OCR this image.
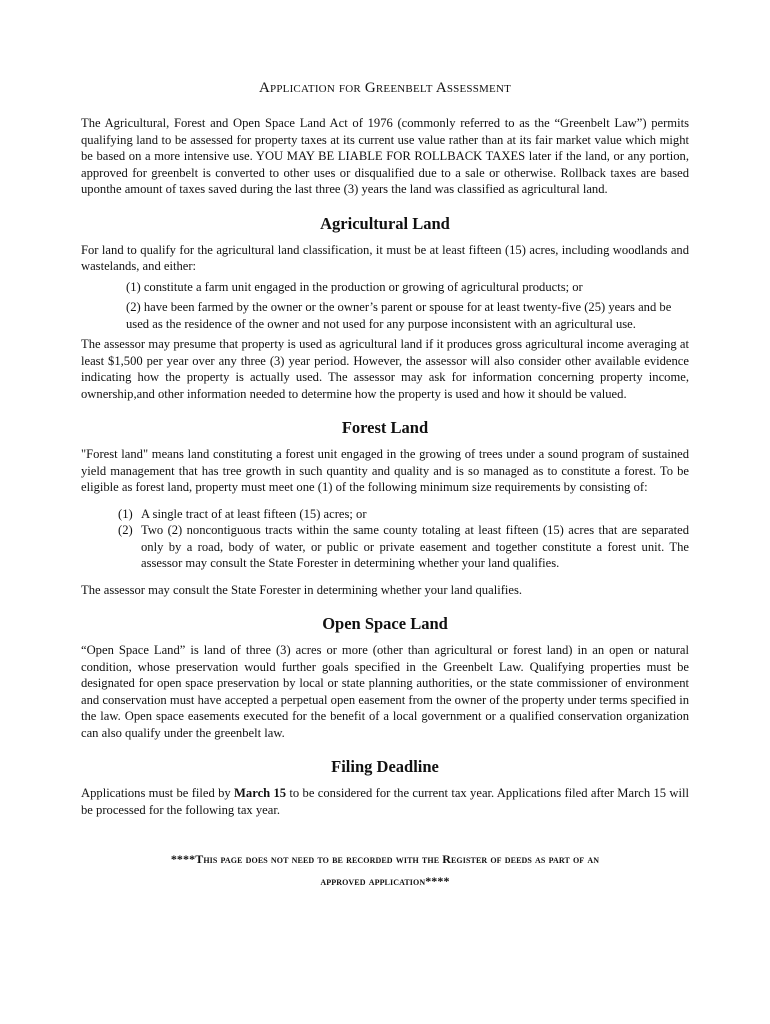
Application for Greenbelt Assessment

The Agricultural, Forest and Open Space Land Act of 1976 (commonly referred to as the “Greenbelt Law”) permits qualifying land to be assessed for property taxes at its current use value rather than at its fair market value which might be based on a more intensive use. YOU MAY BE LIABLE FOR ROLLBACK TAXES later if the land, or any portion, approved for greenbelt is converted to other uses or disqualified due to a sale or otherwise. Rollback taxes are based uponthe amount of taxes saved during the last three (3) years the land was classified as agricultural land.

Agricultural Land

For land to qualify for the agricultural land classification, it must be at least fifteen (15) acres, including woodlands and wastelands, and either:

(1) constitute a farm unit engaged in the production or growing of agricultural products; or
(2) have been farmed by the owner or the owner’s parent or spouse for at least twenty-five (25) years and be used as the residence of the owner and not used for any purpose inconsistent with an agricultural use.

The assessor may presume that property is used as agricultural land if it produces gross agricultural income averaging at least $1,500 per year over any three (3) year period. However, the assessor will also consider other available evidence indicating how the property is actually used. The assessor may ask for information concerning property income, ownership,and other information needed to determine how the property is used and how it should be valued.

Forest Land

"Forest land" means land constituting a forest unit engaged in the growing of trees under a sound program of sustained yield management that has tree growth in such quantity and quality and is so managed as to constitute a forest. To be eligible as forest land, property must meet one (1) of the following minimum size requirements by consisting of:

(1) A single tract of at least fifteen (15) acres; or
(2) Two (2) noncontiguous tracts within the same county totaling at least fifteen (15) acres that are separated only by a road, body of water, or public or private easement and together constitute a forest unit. The assessor may consult the State Forester in determining whether your land qualifies.

The assessor may consult the State Forester in determining whether your land qualifies.

Open Space Land

“Open Space Land” is land of three (3) acres or more (other than agricultural or forest land) in an open or natural condition, whose preservation would further goals specified in the Greenbelt Law. Qualifying properties must be designated for open space preservation by local or state planning authorities, or the state commissioner of environment and conservation must have accepted a perpetual open easement from the owner of the property under terms specified in the law. Open space easements executed for the benefit of a local government or a qualified conservation organization can also qualify under the greenbelt law.

Filing Deadline

Applications must be filed by March 15 to be considered for the current tax year. Applications filed after March 15 will be processed for the following tax year.

****This page does not need to be recorded with the Register of deeds as part of an
approved application****
